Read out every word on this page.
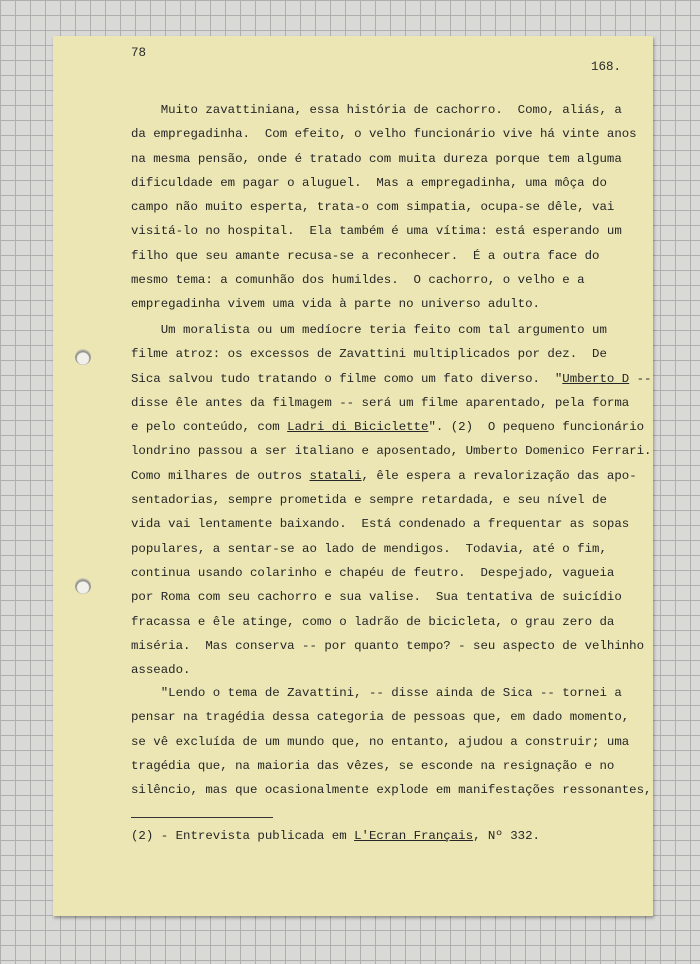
78
168.
Muito zavattiniana, essa história de cachorro.  Como, aliás, a
da empregadinha.  Com efeito, o velho funcionário vive há vinte anos
na mesma pensão, onde é tratado com muita dureza porque tem alguma
dificuldade em pagar o aluguel.  Mas a empregadinha, uma môça do
campo não muito esperta, trata-o com simpatia, ocupa-se dêle, vai
visitá-lo no hospital.  Ela também é uma vítima: está esperando um
filho que seu amante recusa-se a reconhecer.  É a outra face do
mesmo tema: a comunhão dos humildes.  O cachorro, o velho e a
empregadinha vivem uma vida à parte no universo adulto.
Um moralista ou um medíocre teria feito com tal argumento um
filme atroz: os excessos de Zavattini multiplicados por dez.  De
Sica salvou tudo tratando o filme como um fato diverso.  "Umberto D --
disse êle antes da filmagem -- será um filme aparentado, pela forma
e pelo conteúdo, com Ladri di Biciclette". (2)  O pequeno funcionário
londrino passou a ser italiano e aposentado, Umberto Domenico Ferrari.
Como milhares de outros statali, êle espera a revalorização das apo-
sentadorias, sempre prometida e sempre retardada, e seu nível de
vida vai lentamente baixando.  Está condenado a frequentar as sopas
populares, a sentar-se ao lado de mendigos.  Todavia, até o fim,
continua usando colarinho e chapéu de feutro.  Despejado, vagueia
por Roma com seu cachorro e sua valise.  Sua tentativa de suicídio
fracassa e êle atinge, como o ladrão de bicicleta, o grau zero da
miséria.  Mas conserva -- por quanto tempo? - seu aspecto de velhinho
asseado.
"Lendo o tema de Zavattini, -- disse ainda de Sica -- tornei a
pensar na tragédia dessa categoria de pessoas que, em dado momento,
se vê excluída de um mundo que, no entanto, ajudou a construir; uma
tragédia que, na maioria das vêzes, se esconde na resignação e no
silêncio, mas que ocasionalmente explode em manifestações ressonantes,
(2) - Entrevista publicada em L'Ecran Français, Nº 332.
